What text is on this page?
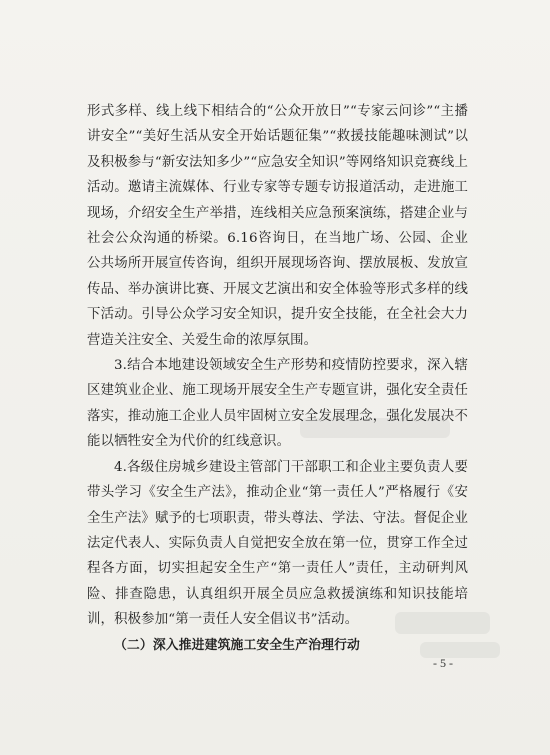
形式多样、线上线下相结合的“公众开放日”“专家云问诊”“主播讲安全”“美好生活从安全开始话题征集”“救援技能趣味测试”以及积极参与“新安法知多少”“应急安全知识”等网络知识竞赛线上活动。邀请主流媒体、行业专家等专题专访报道活动，走进施工现场，介绍安全生产举措，连线相关应急预案演练，搭建企业与社会公众沟通的桥梁。6.16咨询日，在当地广场、公园、企业公共场所开展宣传咨询，组织开展现场咨询、摆放展板、发放宣传品、举办演讲比赛、开展文艺演出和安全体验等形式多样的线下活动。引导公众学习安全知识，提升安全技能，在全社会大力营造关注安全、关爱生命的浓厚氛围。

3.结合本地建设领域安全生产形势和疫情防控要求，深入辖区建筑业企业、施工现场开展安全生产专题宣讲，强化安全责任落实，推动施工企业人员牢固树立安全发展理念，强化发展决不能以牺牲安全为代价的红线意识。

4.各级住房城乡建设主管部门干部职工和企业主要负责人要带头学习《安全生产法》，推动企业“第一责任人”严格履行《安全生产法》赋予的七项职责，带头尊法、学法、守法。督促企业法定代表人、实际负责人自觉把安全放在第一位，贯穿工作全过程各方面，切实担起安全生产“第一责任人”责任，主动研判风险、排查隐患，认真组织开展全员应急救援演练和知识技能培训，积极参加“第一责任人安全倡议书”活动。

（二）深入推进建筑施工安全生产治理行动

- 5 -
